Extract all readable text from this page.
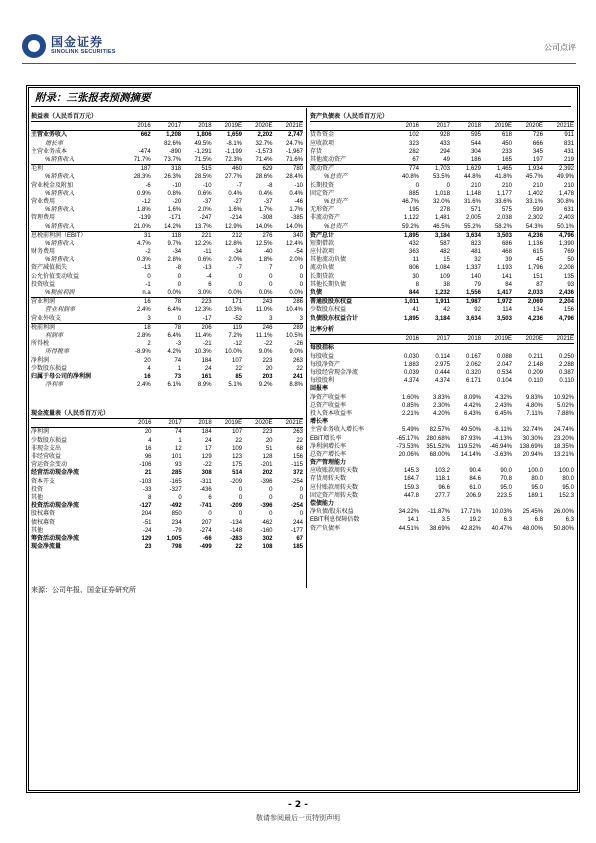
国金证券
SINOLINK SECURITIES	公司点评
附录：三张报表预测摘要
损益表（人民币百万元）						
	2016	2017	2018	2019E	2020E	2021E
主营业务收入	662	1,208	1,806	1,659	2,202	2,747
增长率		82.6%	49.5%	-8.1%	32.7%	24.7%
主营业务成本	-474	-890	-1,291	-1,199	-1,573	-1,967
%销售收入	71.7%	73.7%	71.5%	72.3%	71.4%	71.6%
毛利	187	318	515	460	629	780
%销售收入	28.3%	26.3%	28.5%	27.7%	28.6%	28.4%
营业税金及附加	-6	-10	-10	-7	-8	-10
%销售收入	0.9%	0.8%	0.6%	0.4%	0.4%	0.4%
营业费用	-12	-20	-37	-27	-37	-46
%销售收入	1.8%	1.6%	2.0%	1.6%	1.7%	1.7%
管理费用	-139	-171	-247	-214	-308	-385
%销售收入	21.0%	14.2%	13.7%	12.9%	14.0%	14.0%
息税前利润（EBIT）	31	118	221	212	276	340
%销售收入	4.7%	9.7%	12.2%	12.8%	12.5%	12.4%
财务费用	-2	-34	-11	-34	-40	-54
%销售收入	0.3%	2.8%	0.6%	2.0%	1.8%	2.0%
资产减值损失	-13	-8	-13	-7	7	0
公允价值变动收益	0	0	-4	0	0	0
投资收益	-1	0	6	0	0	0
%税前利润	n.a	0.0%	3.0%	0.0%	0.0%	0.0%
营业利润	16	78	223	171	243	286
营业利润率	2.4%	6.4%	12.3%	10.3%	11.0%	10.4%
营业外收支	3	0	-17	-52	3	3
税前利润	18	78	206	119	246	289
利润率	2.8%	6.4%	11.4%	7.2%	11.1%	10.5%
所得税	2	-3	-21	-12	-22	-26
所得税率	-8.9%	4.2%	10.3%	10.0%	9.0%	9.0%
净利润	20	74	184	107	223	263
少数股东损益	4	1	24	22	20	22
归属于母公司的净利润	16	73	161	85	203	241
净利率	2.4%	6.1%	8.9%	5.1%	9.2%	8.8%
现金流量表（人民币百万元）						
	2016	2017	2018	2019E	2020E	2021E
净利润	20	74	184	107	223	263
少数股东损益	4	1	24	22	20	22
非现金支出	16	12	17	109	51	68
非经营收益	96	101	129	123	128	156
营运资金变动	-106	93	-22	175	-201	-115
经营活动现金净流	21	285	308	514	202	372
资本开支	-103	-165	-311	-209	-396	-254
投资	-33	-327	-436	0	0	0
其他	8	0	6	0	0	0
投资活动现金净流	-127	-492	-741	-209	-396	-254
股权募资	204	850	0	0	0	0
债权募资	-51	234	207	-134	462	244
其他	-24	-79	-274	-148	-160	-177
筹资活动现金净流	129	1,005	-66	-283	302	67
现金净流量	23	798	-499	22	108	185
资产负债表（人民币百万元）						
	2016	2017	2018	2019E	2020E	2021E
货币资金	102	928	595	618	726	911
应收款项	323	433	544	450	666	831
存货	282	294	304	233	345	431
其他流动资产	67	49	186	165	197	219
流动资产	774	1,703	1,629	1,465	1,934	2,392
%总资产	40.8%	53.5%	44.8%	41.8%	45.7%	49.9%
长期投资	0	0	210	210	210	210
固定资产	885	1,018	1,148	1,177	1,402	1,478
%总资产	46.7%	32.0%	31.6%	33.6%	33.1%	30.8%
无形资产	195	278	571	575	599	631
非流动资产	1,122	1,481	2,005	2,038	2,302	2,403
%总资产	59.2%	46.5%	55.2%	58.2%	54.3%	50.1%
资产总计	1,895	3,184	3,634	3,503	4,236	4,796
短期借款	432	587	823	686	1,136	1,390
应付款项	363	482	481	468	615	769
其他流动负债	11	15	32	39	45	50
流动负债	806	1,084	1,337	1,193	1,796	2,208
长期贷款	30	109	140	141	151	135
其他长期负债	8	38	79	84	87	93
负债	844	1,232	1,556	1,417	2,033	2,436
普通股股东权益	1,011	1,911	1,987	1,972	2,069	2,204
少数股东权益	41	42	92	114	134	156
负债股东权益合计	1,895	3,184	3,634	3,503	4,236	4,796
比率分析						
	2016	2017	2018	2019E	2020E	2021E
每股指标						
每股收益	0.030	0.114	0.167	0.088	0.211	0.250
每股净资产	1.883	2.975	2.062	2.047	2.148	2.288
每股经营现金净流	0.039	0.444	0.320	0.534	0.209	0.387
每股股利	4.374	4.374	6.171	0.104	0.110	0.110
回报率						
净资产收益率	1.60%	3.83%	8.09%	4.32%	9.83%	10.92%
总资产收益率	0.85%	2.30%	4.42%	2.43%	4.80%	5.02%
投入资本收益率	2.21%	4.20%	6.43%	6.45%	7.11%	7.88%
增长率						
主营业务收入增长率	5.49%	82.57%	49.50%	-8.11%	32.74%	24.74%
EBIT增长率	-65.17%	280.68%	87.93%	-4.13%	30.30%	23.20%
净利润增长率	-73.53%	351.52%	119.52%	-46.94%	138.69%	18.35%
总资产增长率	20.06%	68.00%	14.14%	-3.63%	20.94%	13.21%
资产管理能力						
应收账款周转天数	145.3	103.2	90.4	90.0	100.0	100.0
存货周转天数	184.7	118.1	84.6	70.8	80.0	80.0
应付账款周转天数	159.3	96.6	61.0	95.0	95.0	95.0
固定资产周转天数	447.8	277.7	206.9	223.5	189.1	152.3
偿债能力						
净负债/股东权益	34.22%	-11.87%	17.71%	10.03%	25.45%	26.00%
EBIT利息保障倍数	14.1	3.5	19.2	6.3	6.8	6.3
资产负债率	44.51%	38.69%	42.82%	40.47%	48.00%	50.80%
来源：公司年报、国金证券研究所
- 2 -
敬请参阅最后一页特别声明
